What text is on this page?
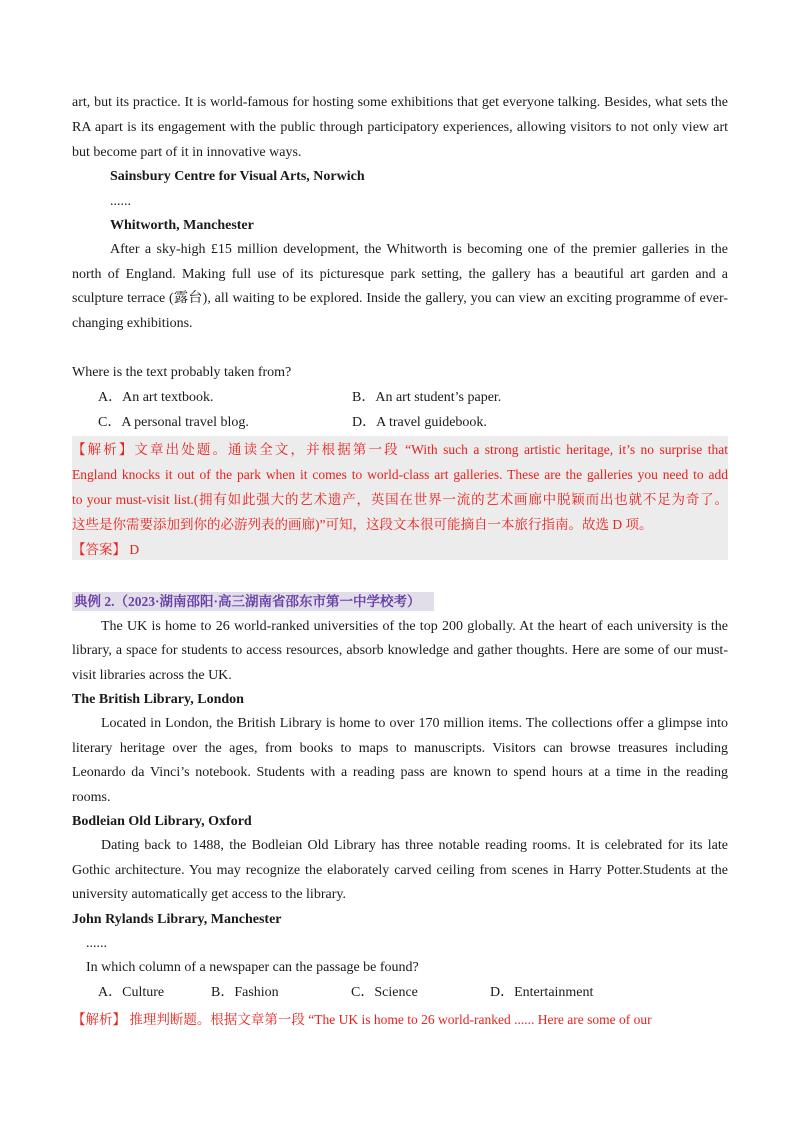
art, but its practice. It is world-famous for hosting some exhibitions that get everyone talking. Besides, what sets the
RA apart is its engagement with the public through participatory experiences, allowing visitors to not only view art
but become part of it in innovative ways.
Sainsbury Centre for Visual Arts, Norwich
......
Whitworth, Manchester
After a sky-high £15 million development, the Whitworth is becoming one of the premier galleries in the
north of England. Making full use of its picturesque park setting, the gallery has a beautiful art garden and a
sculpture terrace (露台), all waiting to be explored. Inside the gallery, you can view an exciting programme of ever-
changing exhibitions.
Where is the text probably taken from?
A．An art textbook.	B．An art student’s paper.
C．A personal travel blog.	D．A travel guidebook.
【解析】文章出处题。通读全文，并根据第一段 “With such a strong artistic heritage, it’s no surprise that
England knocks it out of the park when it comes to world-class art galleries. These are the galleries you need to add
to your must-visit list.(拥有如此强大的艺术遗产，英国在世界一流的艺术画廊中脱颖而出也就不足为奇了。
这些是你需要添加到你的必游列表的画廊)”可知，这段文本很可能摘自一本旅行指南。故选 D 项。
【答案】 D
典例 2.（2023·湖南邵阳·高三湖南省邵东市第一中学校考）
The UK is home to 26 world-ranked universities of the top 200 globally. At the heart of each university is the
library, a space for students to access resources, absorb knowledge and gather thoughts. Here are some of our must-
visit libraries across the UK.
The British Library, London
Located in London, the British Library is home to over 170 million items. The collections offer a glimpse into
literary heritage over the ages, from books to maps to manuscripts. Visitors can browse treasures including
Leonardo da Vinci’s notebook. Students with a reading pass are known to spend hours at a time in the reading
rooms.
Bodleian Old Library, Oxford
Dating back to 1488, the Bodleian Old Library has three notable reading rooms. It is celebrated for its late
Gothic architecture. You may recognize the elaborately carved ceiling from scenes in Harry Potter.Students at the
university automatically get access to the library.
John Rylands Library, Manchester
......
In which column of a newspaper can the passage be found?
A．Culture	B．Fashion	C．Science	D．Entertainment
【解析】 推理判断题。根据文章第一段 “The UK is home to 26 world-ranked ...... Here are some of our
